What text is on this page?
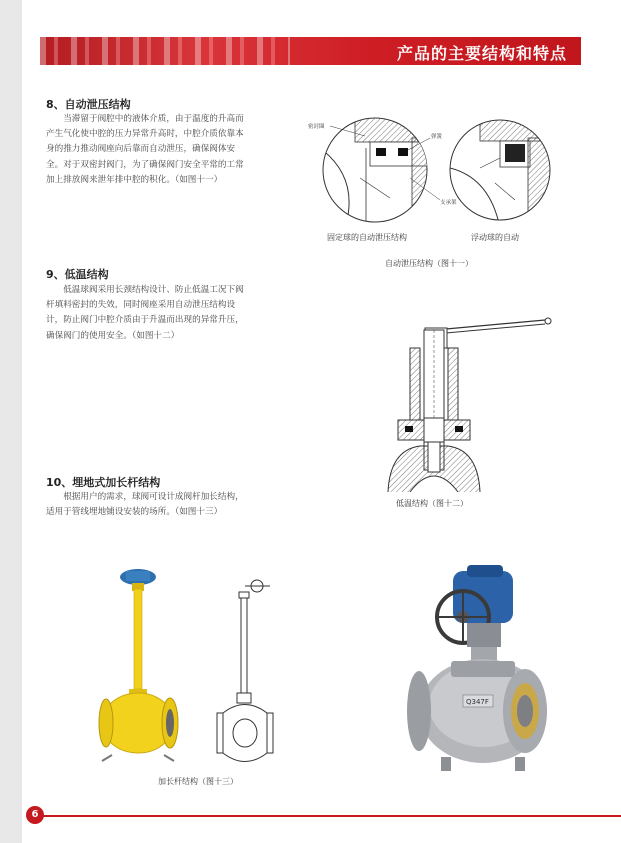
产品的主要结构和特点
8、自动泄压结构
当滞留于阀腔中的液体介质，由于温度的升高而产生气化使中腔的压力异常升高时，中腔介质依靠本身的推力推动阀座向后靠而自动泄压，确保阀体安全。对于双密封阀门，为了确保阀门安全平常的工常加上排放阀来泄年排中腔的积化。（如图十一）
9、低温结构
低温球阀采用长颈结构设计、防止低温工况下阀杆填料密封的失效，同时阀座采用自动泄压结构设计，防止阀门中腔介质由于升温而出现的异常升压，确保阀门的使用安全。（如图十二）
10、埋地式加长杆结构
根据用户的需求，球阀可设计成阀杆加长结构，适用于管线埋地铺设安装的场所。（如图十三）
密封圈
弹簧
支承架
固定球的自动泄压结构	浮动球的自动
自动泄压结构（图十一）
低温结构（图十二）
加长杆结构（图十三）
Q347F
6
